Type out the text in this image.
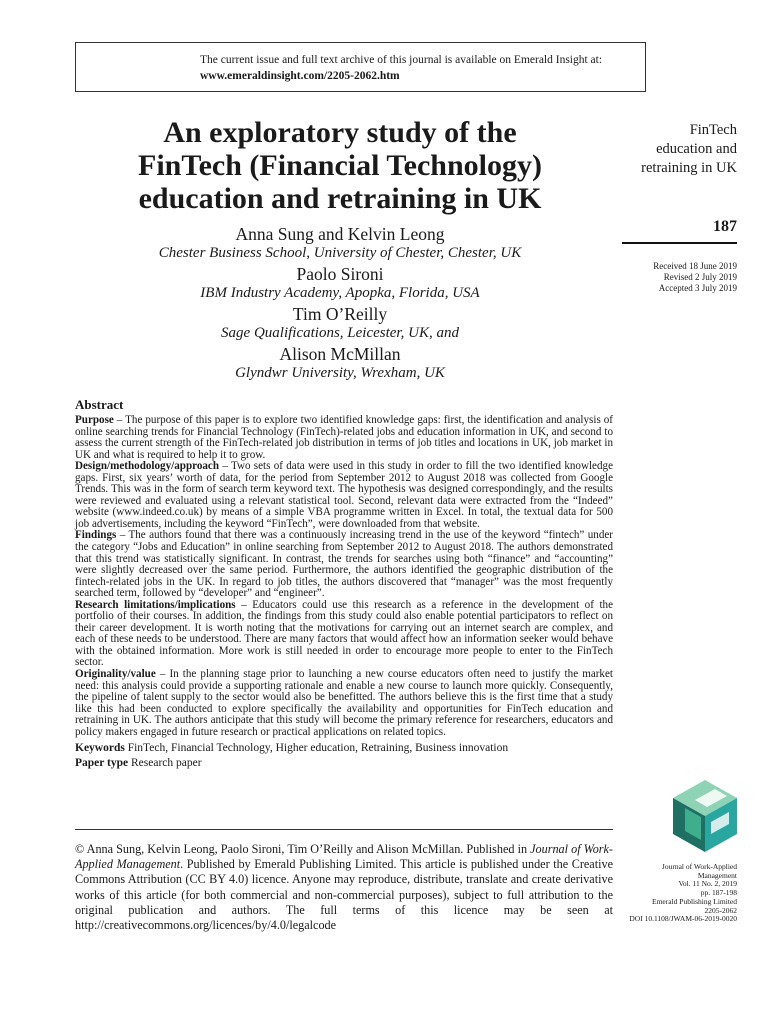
The current issue and full text archive of this journal is available on Emerald Insight at:
www.emeraldinsight.com/2205-2062.htm
An exploratory study of the
FinTech (Financial Technology)
education and retraining in UK
Anna Sung and Kelvin Leong
Chester Business School, University of Chester, Chester, UK
Paolo Sironi
IBM Industry Academy, Apopka, Florida, USA
Tim O’Reilly
Sage Qualifications, Leicester, UK, and
Alison McMillan
Glyndwr University, Wrexham, UK
FinTech
education and
retraining in UK
187
Received 18 June 2019
Revised 2 July 2019
Accepted 3 July 2019
Abstract

Purpose – The purpose of this paper is to explore two identified knowledge gaps: first, the identification and analysis of online searching trends for Financial Technology (FinTech)-related jobs and education information in UK, and second to assess the current strength of the FinTech-related job distribution in terms of job titles and locations in UK, job market in UK and what is required to help it to grow.

Design/methodology/approach – Two sets of data were used in this study in order to fill the two identified knowledge gaps. First, six years’ worth of data, for the period from September 2012 to August 2018 was collected from Google Trends. This was in the form of search term keyword text. The hypothesis was designed correspondingly, and the results were reviewed and evaluated using a relevant statistical tool. Second, relevant data were extracted from the “Indeed” website (www.indeed.co.uk) by means of a simple VBA programme written in Excel. In total, the textual data for 500 job advertisements, including the keyword “FinTech”, were downloaded from that website.

Findings – The authors found that there was a continuously increasing trend in the use of the keyword “fintech” under the category “Jobs and Education” in online searching from September 2012 to August 2018. The authors demonstrated that this trend was statistically significant. In contrast, the trends for searches using both “finance” and “accounting” were slightly decreased over the same period. Furthermore, the authors identified the geographic distribution of the fintech-related jobs in the UK. In regard to job titles, the authors discovered that “manager” was the most frequently searched term, followed by “developer” and “engineer”.

Research limitations/implications – Educators could use this research as a reference in the development of the portfolio of their courses. In addition, the findings from this study could also enable potential participators to reflect on their career development. It is worth noting that the motivations for carrying out an internet search are complex, and each of these needs to be understood. There are many factors that would affect how an information seeker would behave with the obtained information. More work is still needed in order to encourage more people to enter to the FinTech sector.

Originality/value – In the planning stage prior to launching a new course educators often need to justify the market need: this analysis could provide a supporting rationale and enable a new course to launch more quickly. Consequently, the pipeline of talent supply to the sector would also be benefitted. The authors believe this is the first time that a study like this had been conducted to explore specifically the availability and opportunities for FinTech education and retraining in UK. The authors anticipate that this study will become the primary reference for researchers, educators and policy makers engaged in future research or practical applications on related topics.

Keywords FinTech, Financial Technology, Higher education, Retraining, Business innovation

Paper type Research paper

© Anna Sung, Kelvin Leong, Paolo Sironi, Tim O’Reilly and Alison McMillan. Published in Journal of Work-Applied Management. Published by Emerald Publishing Limited. This article is published under the Creative Commons Attribution (CC BY 4.0) licence. Anyone may reproduce, distribute, translate and create derivative works of this article (for both commercial and non-commercial purposes), subject to full attribution to the original publication and authors. The full terms of this licence may be seen at http://creativecommons.org/licences/by/4.0/legalcode
Journal of Work-Applied
Management
Vol. 11 No. 2, 2019
pp. 187-198
Emerald Publishing Limited
2205-2062
DOI 10.1108/JWAM-06-2019-0020
